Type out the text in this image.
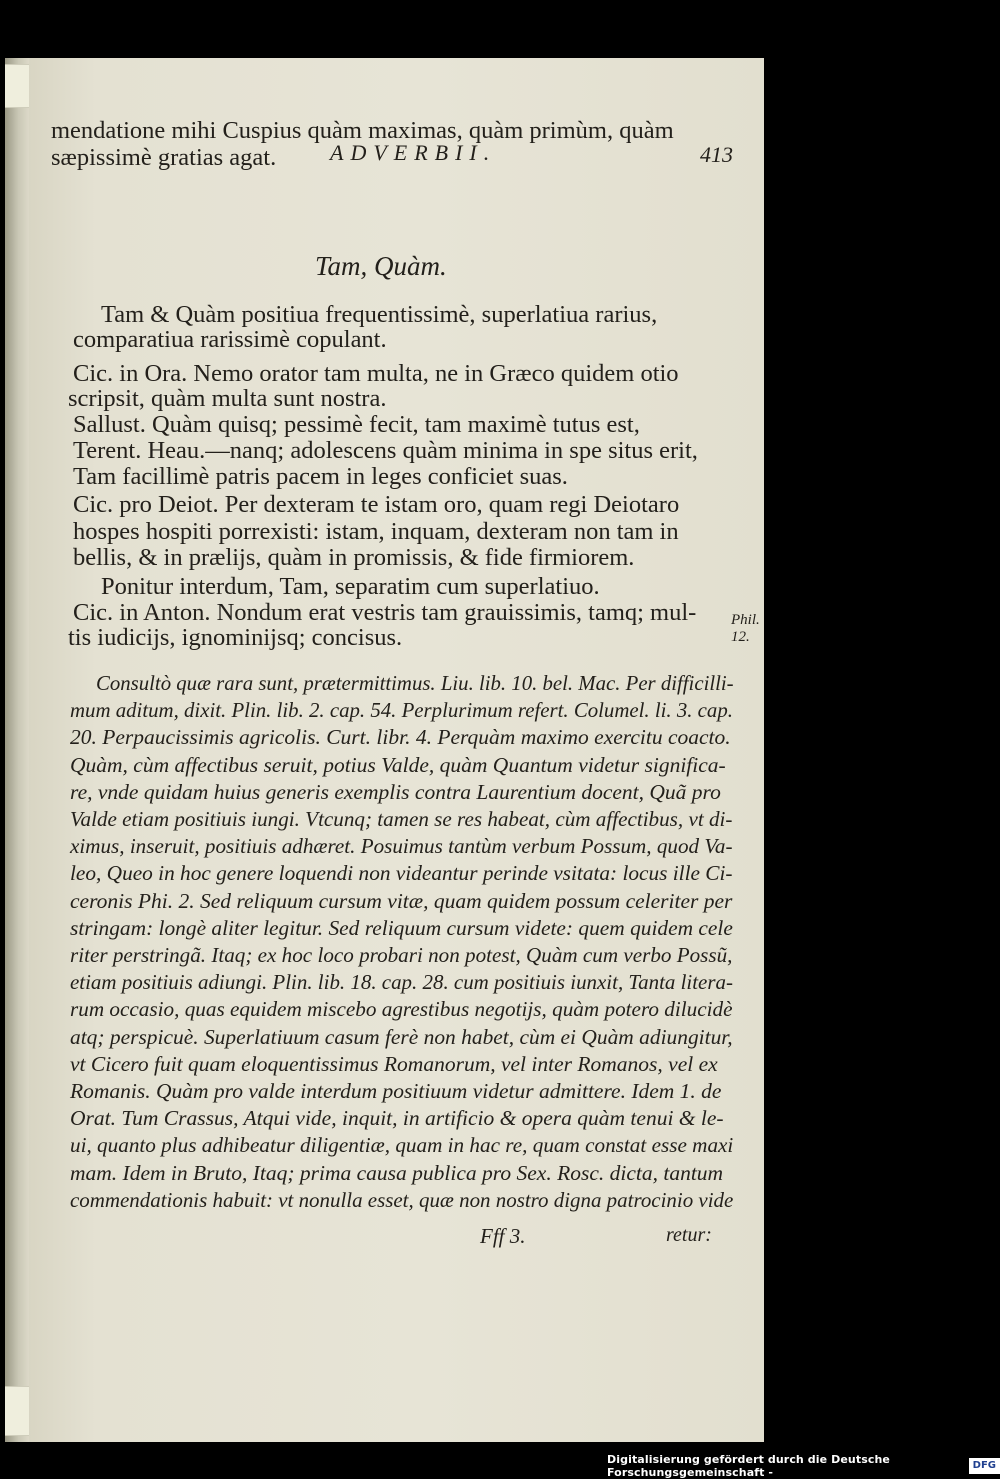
ADVERBII.	413
mendatione mihi Cuspius quàm maximas, quàm primùm, quàm
sæpissimè gratias agat.
Tam, Quàm.
Tam & Quàm positiua frequentissimè, superlatiua rarius,
comparatiua rarissimè copulant.
Cic. in Ora. Nemo orator tam multa, ne in Græco quidem otio
scripsit, quàm multa sunt nostra.
Sallust. Quàm quisq; pessimè fecit, tam maximè tutus est,
Terent. Heau.—nanq; adolescens quàm minima in spe situs erit,
Tam facillimè patris pacem in leges conficiet suas.
Cic. pro Deiot. Per dexteram te istam oro, quam regi Deiotaro
hospes hospiti porrexisti: istam, inquam, dexteram non tam in
bellis, & in prælijs, quàm in promissis, & fide firmiorem.
Ponitur interdum, Tam, separatim cum superlatiuo.
Cic. in Anton. Nondum erat vestris tam grauissimis, tamq; mul-
tis iudicijs, ignominijsq; concisus.
Phil. 12.
Consultò quæ rara sunt, prætermittimus. Liu. lib. 10. bel. Mac. Per difficilli-
mum aditum, dixit. Plin. lib. 2. cap. 54. Perplurimum refert. Columel. li. 3. cap.
20. Perpaucissimis agricolis. Curt. libr. 4. Perquàm maximo exercitu coacto.
Quàm, cùm affectibus seruit, potius Valde, quàm Quantum videtur significa-
re, vnde quidam huius generis exemplis contra Laurentium docent, Quã pro
Valde etiam positiuis iungi. Vtcunq; tamen se res habeat, cùm affectibus, vt di-
ximus, inseruit, positiuis adhæret. Posuimus tantùm verbum Possum, quod Va-
leo, Queo in hoc genere loquendi non videantur perinde vsitata: locus ille Ci-
ceronis Phi. 2. Sed reliquum cursum vitæ, quam quidem possum celeriter per
stringam: longè aliter legitur. Sed reliquum cursum videte: quem quidem cele
riter perstringã. Itaq; ex hoc loco probari non potest, Quàm cum verbo Possũ,
etiam positiuis adiungi. Plin. lib. 18. cap. 28. cum positiuis iunxit, Tanta litera-
rum occasio, quas equidem miscebo agrestibus negotijs, quàm potero dilucidè
atq; perspicuè. Superlatiuum casum ferè non habet, cùm ei Quàm adiungitur,
vt Cicero fuit quam eloquentissimus Romanorum, vel inter Romanos, vel ex
Romanis. Quàm pro valde interdum positiuum videtur admittere. Idem 1. de
Orat. Tum Crassus, Atqui vide, inquit, in artificio & opera quàm tenui & le-
ui, quanto plus adhibeatur diligentiæ, quam in hac re, quam constat esse maxi
mam. Idem in Bruto, Itaq; prima causa publica pro Sex. Rosc. dicta, tantum
commendationis habuit: vt nonulla esset, quæ non nostro digna patrocinio vide
Fff 3.	retur:
Digitalisierung gefördert durch die Deutsche Forschungsgemeinschaft -
DFG
